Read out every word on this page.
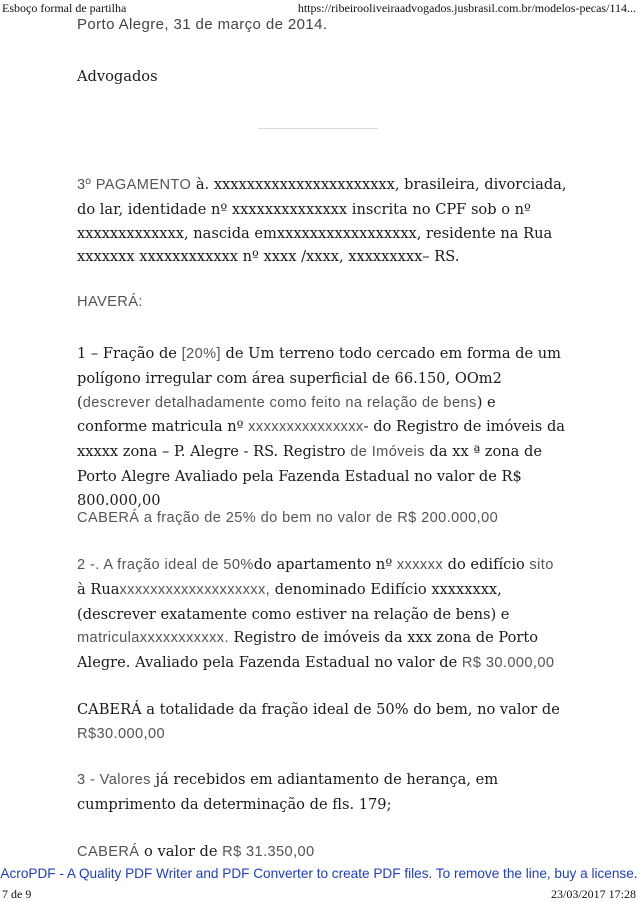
Esboço formal de partilha	https://ribeirooliveiraadvogados.jusbrasil.com.br/modelos-pecas/114...

Porto Alegre, 31 de março de 2014.

Advogados

3º PAGAMENTO à. xxxxxxxxxxxxxxxxxxxxxx, brasileira, divorciada, do lar, identidade nº xxxxxxxxxxxxxx inscrita no CPF sob o nº xxxxxxxxxxxxx, nascida emxxxxxxxxxxxxxxxxx, residente na Rua xxxxxxx xxxxxxxxxxxx nº xxxx /xxxx, xxxxxxxxx– RS.

HAVERÁ:

1 – Fração de [20%] de Um terreno todo cercado em forma de um polígono irregular com área superficial de 66.150, OOm2 (descrever detalhadamente como feito na relação de bens) e conforme matricula nº xxxxxxxxxxxxxxx- do Registro de imóveis da xxxxx zona – P. Alegre - RS. Registro de Imóveis da xx ª zona de Porto Alegre Avaliado pela Fazenda Estadual no valor de R$ 800.000,00

CABERÁ a fração de 25% do bem no valor de R$ 200.000,00

2 -. A fração ideal de 50%do apartamento nº xxxxxx do edifício sito à Ruaxxxxxxxxxxxxxxxxxxx, denominado Edifício xxxxxxxx, (descrever exatamente como estiver na relação de bens) e matriculaxxxxxxxxxxx. Registro de imóveis da xxx zona de Porto Alegre. Avaliado pela Fazenda Estadual no valor de R$ 30.000,00

CABERÁ a totalidade da fração ideal de 50% do bem, no valor de R$30.000,00

3 - Valores já recebidos em adiantamento de herança, em cumprimento da determinação de fls. 179;

CABERÁ o valor de R$ 31.350,00

AcroPDF - A Quality PDF Writer and PDF Converter to create PDF files. To remove the line, buy a license.
7 de 9	23/03/2017 17:28
